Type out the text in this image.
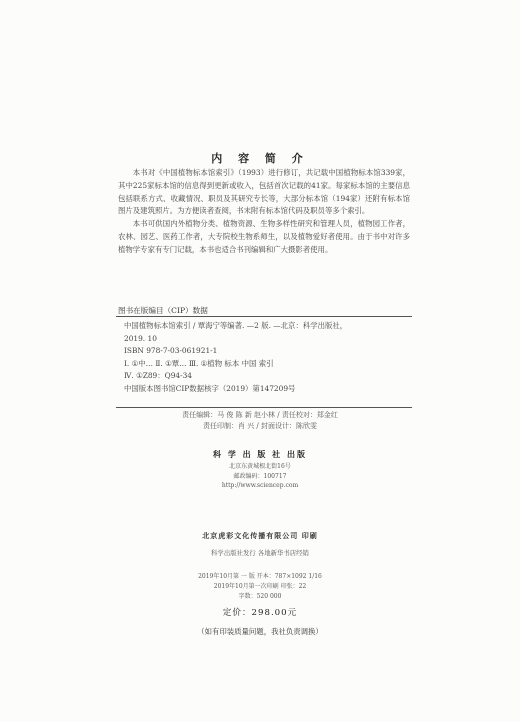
内 容 简 介

本书对《中国植物标本馆索引》（1993）进行修订，共记载中国植物标本馆339家，其中225家标本馆的信息得到更新或收入，包括首次记载的41家。每家标本馆的主要信息包括联系方式、收藏情况、职员及其研究专长等，大部分标本馆（194家）还附有标本馆图片及建筑照片。为方便读者查阅，书末附有标本馆代码及职员等多个索引。

本书可供国内外植物分类、植物资源、生物多样性研究和管理人员，植物园工作者，农林、园艺、医药工作者，大专院校生物系师生，以及植物爱好者使用。由于书中对许多植物学专家有专门记载，本书也适合书刊编辑和广大摄影者使用。

图书在版编目（CIP）数据
中国植物标本馆索引 / 覃海宁等编著. —2 版. —北京：科学出版社，
2019. 10
ISBN 978-7-03-061921-1
Ⅰ. ①中… Ⅱ. ①覃… Ⅲ. ①植物 标本 中国 索引
Ⅳ. ①Z89：Q94-34
中国版本图书馆CIP数据核字（2019）第147209号
责任编辑：马 俊 陈 新 赵小林 / 责任校对：郑金红
责任印制：肖 兴 / 封面设计：陈欣雯
科 学 出 版 社 出版
北京东黄城根北街16号
邮政编码：100717
http://www.sciencep.com
北京虎彩文化传播有限公司 印刷
科学出版社发行 各地新华书店经销
2019年10月第 一 版 开本：787×1092 1/16
2019年10月第一次印刷 印张：22
字数：520 000
定价：298.00元
（如有印装质量问题，我社负责调换）
